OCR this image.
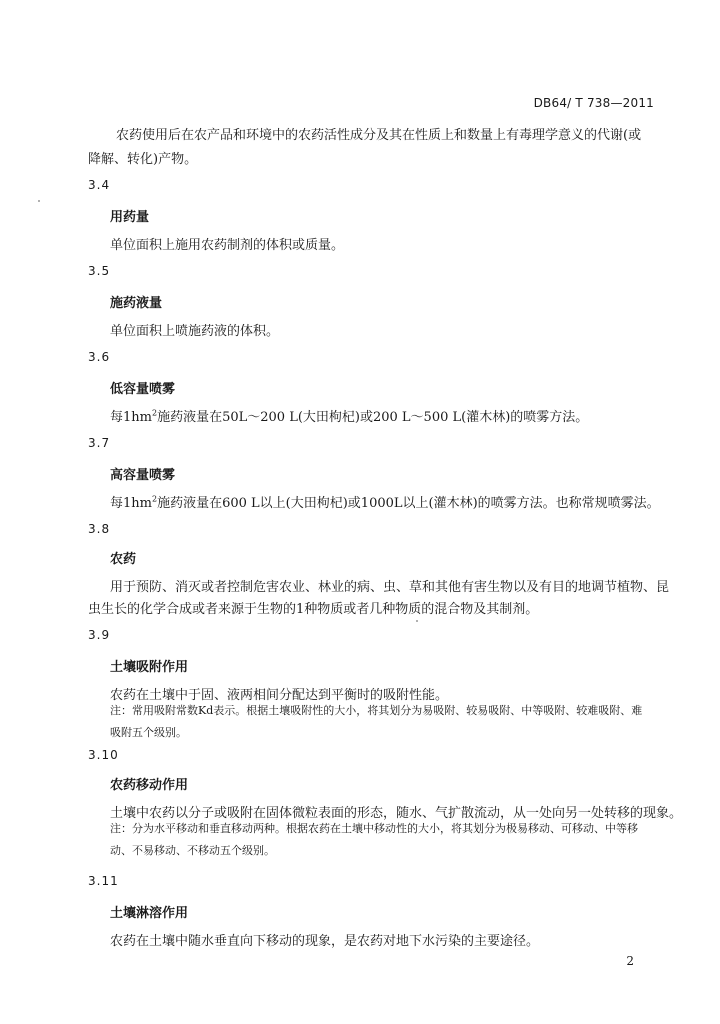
DB64/ T 738—2011
农药使用后在农产品和环境中的农药活性成分及其在性质上和数量上有毒理学意义的代谢(或降解、转化)产物。
3.4
用药量
单位面积上施用农药制剂的体积或质量。
3.5
施药液量
单位面积上喷施药液的体积。
3.6
低容量喷雾
每$1hm^2$施药液量在50L～200 L(大田枸杞)或200 L～500 L(灌木林)的喷雾方法。
3.7
高容量喷雾
每$1hm^2$施药液量在600 L以上(大田枸杞)或1000L以上(灌木林)的喷雾方法。也称常规喷雾法。
3.8
农药
用于预防、消灭或者控制危害农业、林业的病、虫、草和其他有害生物以及有目的地调节植物、昆
虫生长的化学合成或者来源于生物的1种物质或者几种物质的混合物及其制剂。
3.9
土壤吸附作用
农药在土壤中于固、液两相间分配达到平衡时的吸附性能。
注：常用吸附常数Kd表示。根据土壤吸附性的大小，将其划分为易吸附、较易吸附、中等吸附、较难吸附、难吸附五个级别。
3.10
农药移动作用
土壤中农药以分子或吸附在固体微粒表面的形态，随水、气扩散流动，从一处向另一处转移的现象。
注：分为水平移动和垂直移动两种。根据农药在土壤中移动性的大小，将其划分为极易移动、可移动、中等移动、不易移动、不移动五个级别。
3.11
土壤淋溶作用
农药在土壤中随水垂直向下移动的现象，是农药对地下水污染的主要途径。
2
